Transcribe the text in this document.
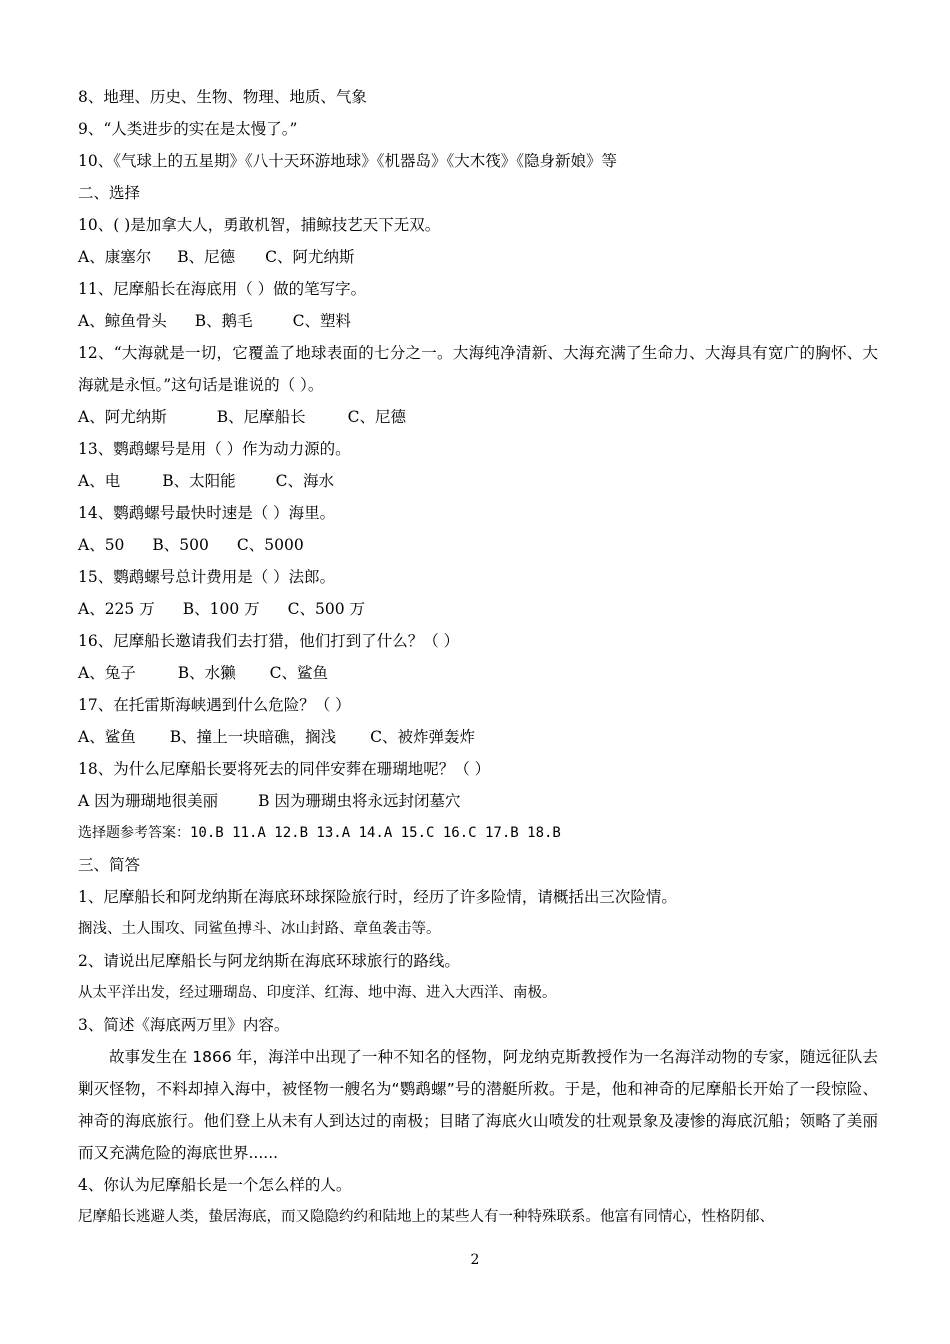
8、地理、历史、生物、物理、地质、气象
9、“人类进步的实在是太慢了。”
10、《气球上的五星期》《八十天环游地球》《机器岛》《大木筏》《隐身新娘》等
二、选择
10、( )是加拿大人，勇敢机智，捕鲸技艺天下无双。
A、康塞尔 B、尼德 C、阿尤纳斯
11、尼摩船长在海底用（ ）做的笔写字。
A、鲸鱼骨头 B、鹅毛	C、塑料
12、“大海就是一切，它覆盖了地球表面的七分之一。大海纯净清新、大海充满了生命力、大海具有宽广的胸怀、大海就是永恒。”这句话是谁说的（ ）。
A、阿尤纳斯	B、尼摩船长	C、尼德
13、鹦鹉螺号是用（ ）作为动力源的。
A、电	B、太阳能	C、海水
14、鹦鹉螺号最快时速是（ ）海里。
A、50 B、500 C、5000
15、鹦鹉螺号总计费用是（ ）法郎。
A、225 万 B、100 万 C、500 万
16、尼摩船长邀请我们去打猎，他们打到了什么？（ ）
A、兔子	B、水獭 C、鲨鱼
17、在托雷斯海峡遇到什么危险？（ ）
A、鲨鱼 B、撞上一块暗礁，搁浅 C、被炸弹轰炸
18、为什么尼摩船长要将死去的同伴安葬在珊瑚地呢？（ ）
A 因为珊瑚地很美丽	B 因为珊瑚虫将永远封闭墓穴
选择题参考答案：10.B 11.A 12.B 13.A 14.A 15.C 16.C 17.B 18.B
三、简答
1、尼摩船长和阿龙纳斯在海底环球探险旅行时，经历了许多险情，请概括出三次险情。
搁浅、土人围攻、同鲨鱼搏斗、冰山封路、章鱼袭击等。
2、请说出尼摩船长与阿龙纳斯在海底环球旅行的路线。
从太平洋出发，经过珊瑚岛、印度洋、红海、地中海、进入大西洋、南极。
3、简述《海底两万里》内容。
故事发生在 1866 年，海洋中出现了一种不知名的怪物，阿龙纳克斯教授作为一名海洋动物的专家，随远征队去剿灭怪物，不料却掉入海中，被怪物一艘名为“鹦鹉螺”号的潜艇所救。于是，他和神奇的尼摩船长开始了一段惊险、神奇的海底旅行。他们登上从未有人到达过的南极；目睹了海底火山喷发的壮观景象及凄惨的海底沉船；领略了美丽而又充满危险的海底世界......
4、你认为尼摩船长是一个怎么样的人。
尼摩船长逃避人类，蛰居海底，而又隐隐约约和陆地上的某些人有一种特殊联系。他富有同情心，性格阴郁、
2
